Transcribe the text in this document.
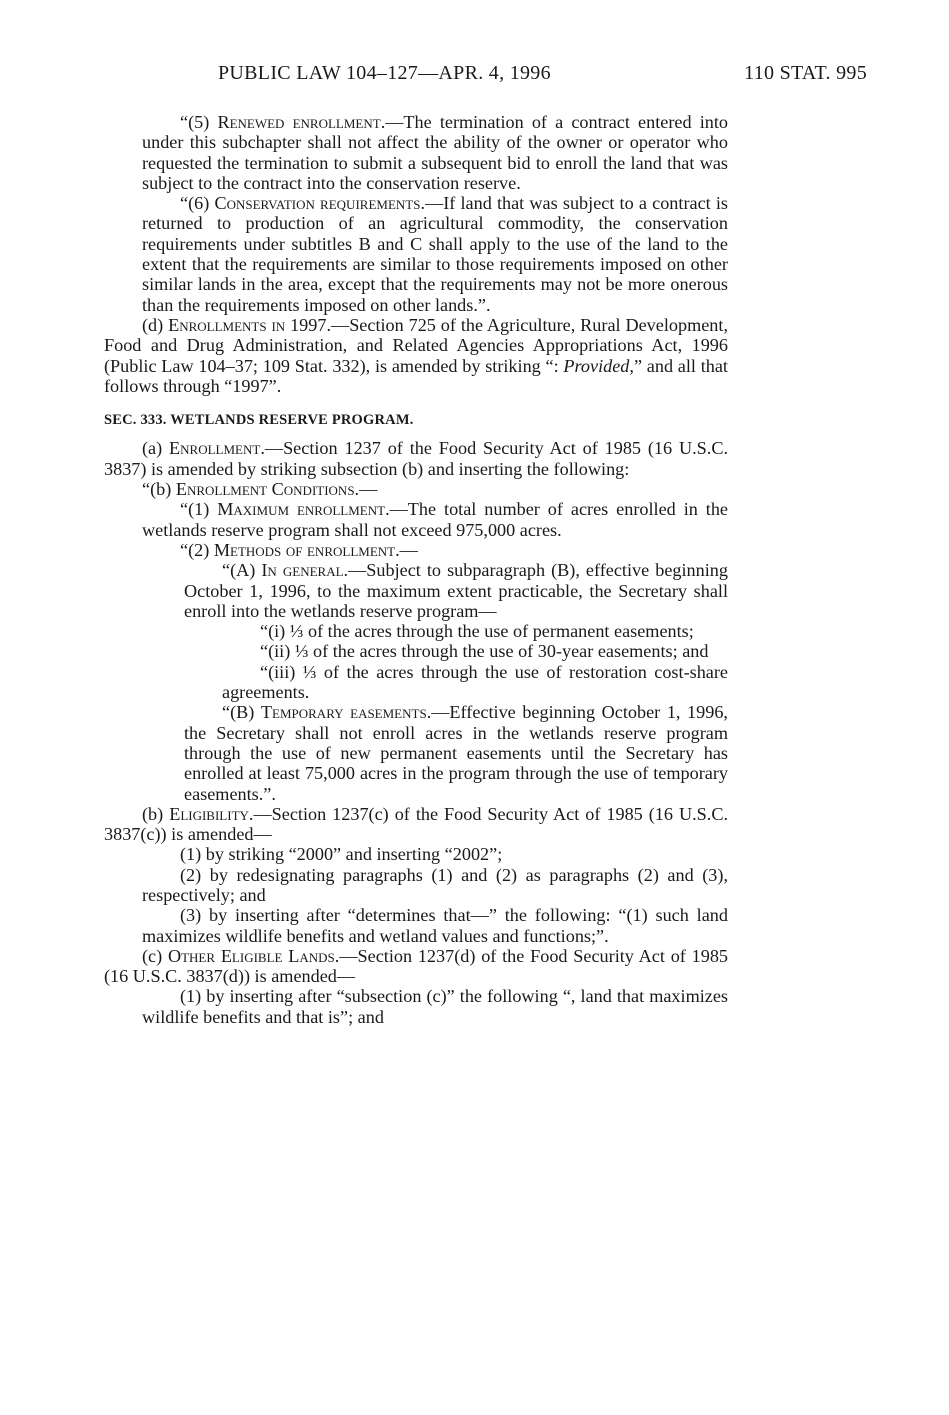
PUBLIC LAW 104–127—APR. 4, 1996	110 STAT. 995

“(5) Renewed enrollment.—The termination of a contract entered into under this subchapter shall not affect the ability of the owner or operator who requested the termination to submit a subsequent bid to enroll the land that was subject to the contract into the conservation reserve.

“(6) Conservation requirements.—If land that was subject to a contract is returned to production of an agricultural commodity, the conservation requirements under subtitles B and C shall apply to the use of the land to the extent that the requirements are similar to those requirements imposed on other similar lands in the area, except that the requirements may not be more onerous than the requirements imposed on other lands.”.

(d) Enrollments in 1997.—Section 725 of the Agriculture, Rural Development, Food and Drug Administration, and Related Agencies Appropriations Act, 1996 (Public Law 104–37; 109 Stat. 332), is amended by striking “: Provided,” and all that follows through “1997”.

SEC. 333. WETLANDS RESERVE PROGRAM.

(a) Enrollment.—Section 1237 of the Food Security Act of 1985 (16 U.S.C. 3837) is amended by striking subsection (b) and inserting the following:

“(b) Enrollment Conditions.—

“(1) Maximum enrollment.—The total number of acres enrolled in the wetlands reserve program shall not exceed 975,000 acres.

“(2) Methods of enrollment.—

“(A) In general.—Subject to subparagraph (B), effective beginning October 1, 1996, to the maximum extent practicable, the Secretary shall enroll into the wetlands reserve program—

“(i) ⅓ of the acres through the use of permanent easements;

“(ii) ⅓ of the acres through the use of 30-year easements; and

“(iii) ⅓ of the acres through the use of restoration cost-share agreements.

“(B) Temporary easements.—Effective beginning October 1, 1996, the Secretary shall not enroll acres in the wetlands reserve program through the use of new permanent easements until the Secretary has enrolled at least 75,000 acres in the program through the use of temporary easements.”.

(b) Eligibility.—Section 1237(c) of the Food Security Act of 1985 (16 U.S.C. 3837(c)) is amended—

(1) by striking “2000” and inserting “2002”;

(2) by redesignating paragraphs (1) and (2) as paragraphs (2) and (3), respectively; and

(3) by inserting after “determines that—” the following: “(1) such land maximizes wildlife benefits and wetland values and functions;”.

(c) Other Eligible Lands.—Section 1237(d) of the Food Security Act of 1985 (16 U.S.C. 3837(d)) is amended—

(1) by inserting after “subsection (c)” the following “, land that maximizes wildlife benefits and that is”; and
